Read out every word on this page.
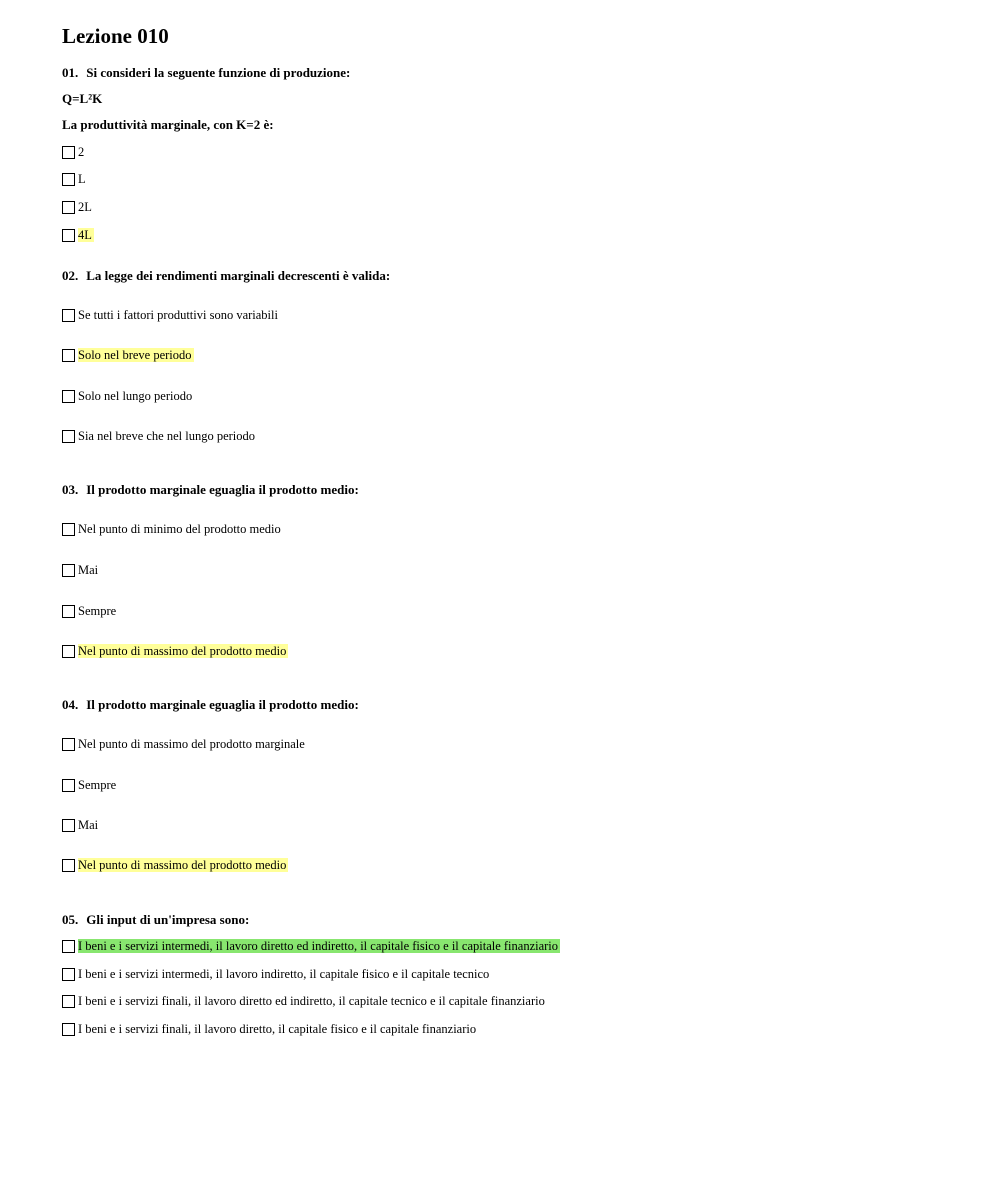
Lezione 010
01. Si consideri la seguente funzione di produzione:
Q=L²K
La produttività marginale, con K=2 è:
2
L
2L
4L
02. La legge dei rendimenti marginali decrescenti è valida:
Se tutti i fattori produttivi sono variabili
Solo nel breve periodo
Solo nel lungo periodo
Sia nel breve che nel lungo periodo
03. Il prodotto marginale eguaglia il prodotto medio:
Nel punto di minimo del prodotto medio
Mai
Sempre
Nel punto di massimo del prodotto medio
04. Il prodotto marginale eguaglia il prodotto medio:
Nel punto di massimo del prodotto marginale
Sempre
Mai
Nel punto di massimo del prodotto medio
05. Gli input di un'impresa sono:
I beni e i servizi intermedi, il lavoro diretto ed indiretto, il capitale fisico e il capitale finanziario
I beni e i servizi intermedi, il lavoro indiretto, il capitale fisico e il capitale tecnico
I beni e i servizi finali, il lavoro diretto ed indiretto, il capitale tecnico e il capitale finanziario
I beni e i servizi finali, il lavoro diretto, il capitale fisico e il capitale finanziario
